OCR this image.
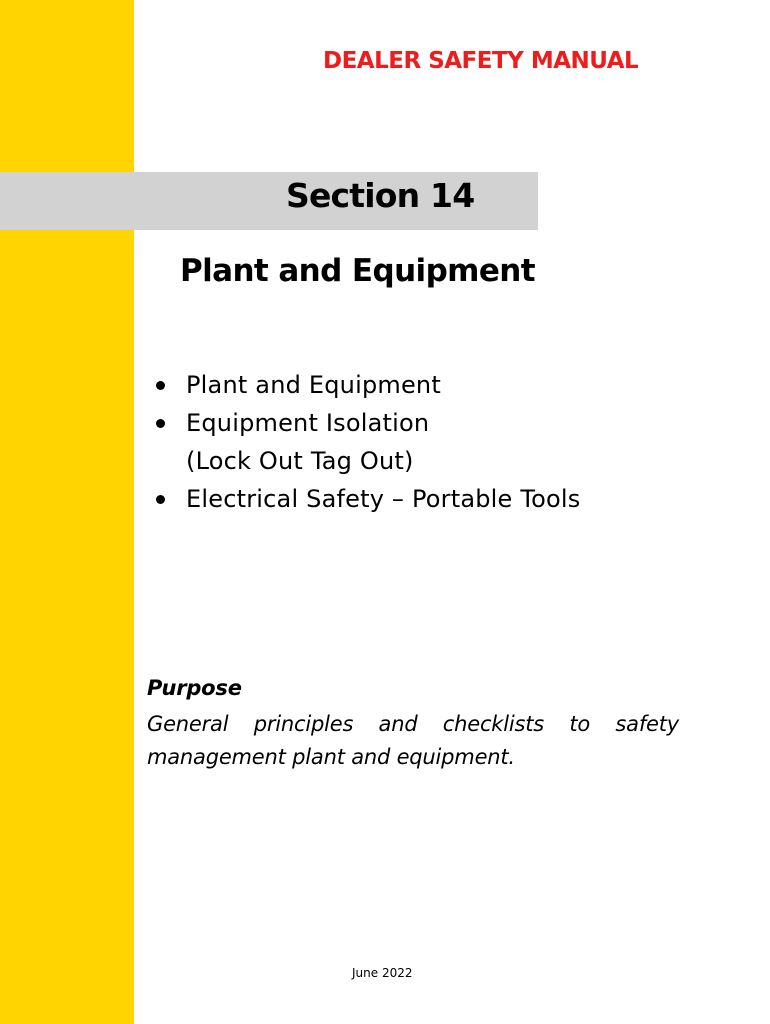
DEALER SAFETY MANUAL
Section 14
Plant and Equipment
Plant and Equipment
Equipment Isolation
(Lock Out Tag Out)
Electrical Safety – Portable Tools
Purpose

General principles and checklists to safety management plant and equipment.

June 2022
